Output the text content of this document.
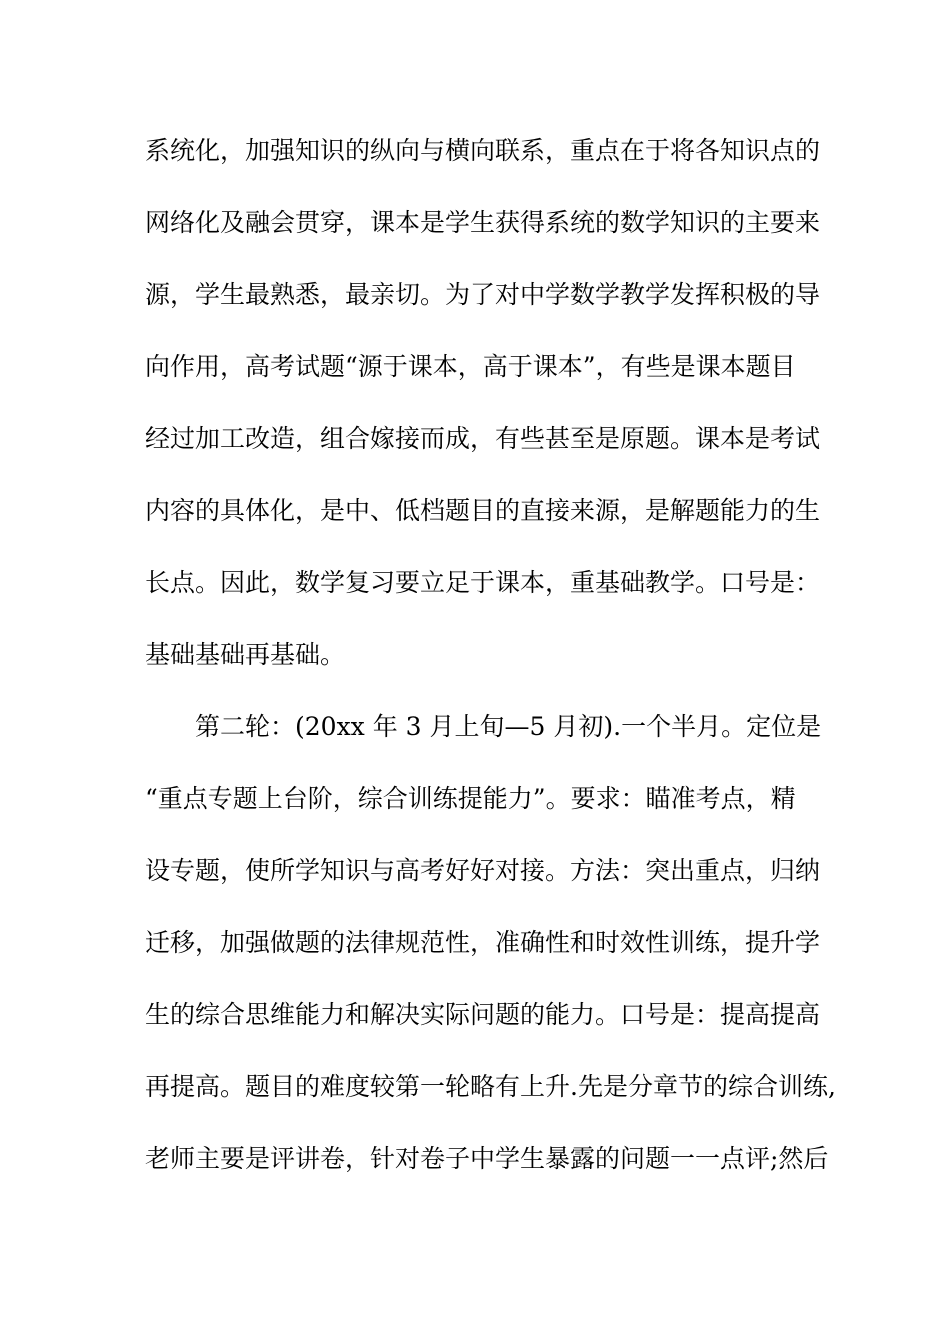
系统化，加强知识的纵向与横向联系，重点在于将各知识点的
网络化及融会贯穿，课本是学生获得系统的数学知识的主要来
源，学生最熟悉，最亲切。为了对中学数学教学发挥积极的导
向作用，高考试题“源于课本，高于课本”，有些是课本题目
经过加工改造，组合嫁接而成，有些甚至是原题。课本是考试
内容的具体化，是中、低档题目的直接来源，是解题能力的生
长点。因此，数学复习要立足于课本，重基础教学。口号是：
基础基础再基础。
第二轮：(20xx 年 3 月上旬—5 月初).一个半月。定位是
“重点专题上台阶，综合训练提能力”。要求：瞄准考点，精
设专题，使所学知识与高考好好对接。方法：突出重点，归纳
迁移，加强做题的法律规范性，准确性和时效性训练，提升学
生的综合思维能力和解决实际问题的能力。口号是：提高提高
再提高。题目的难度较第一轮略有上升.先是分章节的综合训练,
老师主要是评讲卷，针对卷子中学生暴露的问题一一点评;然后
